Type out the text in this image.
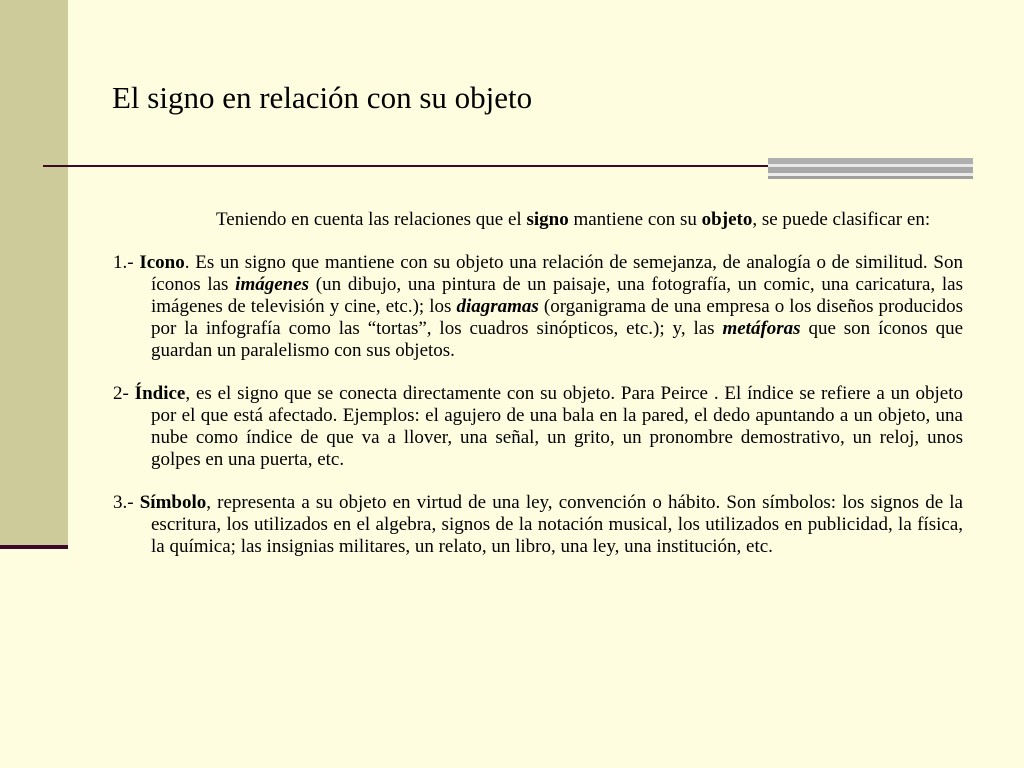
El signo en relación con su objeto

Teniendo en cuenta las relaciones que el signo mantiene con su objeto, se puede clasificar en:

1.- Icono. Es un signo que mantiene con su objeto una relación de semejanza, de analogía o de similitud. Son íconos las imágenes (un dibujo, una pintura de un paisaje, una fotografía, un comic, una caricatura, las imágenes de televisión y cine, etc.); los diagramas (organigrama de una empresa o los diseños producidos por la infografía como las “tortas”, los cuadros sinópticos, etc.); y, las metáforas que son íconos que guardan un paralelismo con sus objetos.

2- Índice, es el signo que se conecta directamente con su objeto. Para Peirce . El índice se refiere a un objeto por el que está afectado. Ejemplos: el agujero de una bala en la pared, el dedo apuntando a un objeto, una nube como índice de que va a llover, una señal, un grito, un pronombre demostrativo, un reloj, unos golpes en una puerta, etc.

3.- Símbolo, representa a su objeto en virtud de una ley, convención o hábito. Son símbolos: los signos de la escritura, los utilizados en el algebra, signos de la notación musical, los utilizados en publicidad, la física, la química; las insignias militares, un relato, un libro, una ley, una institución, etc.
